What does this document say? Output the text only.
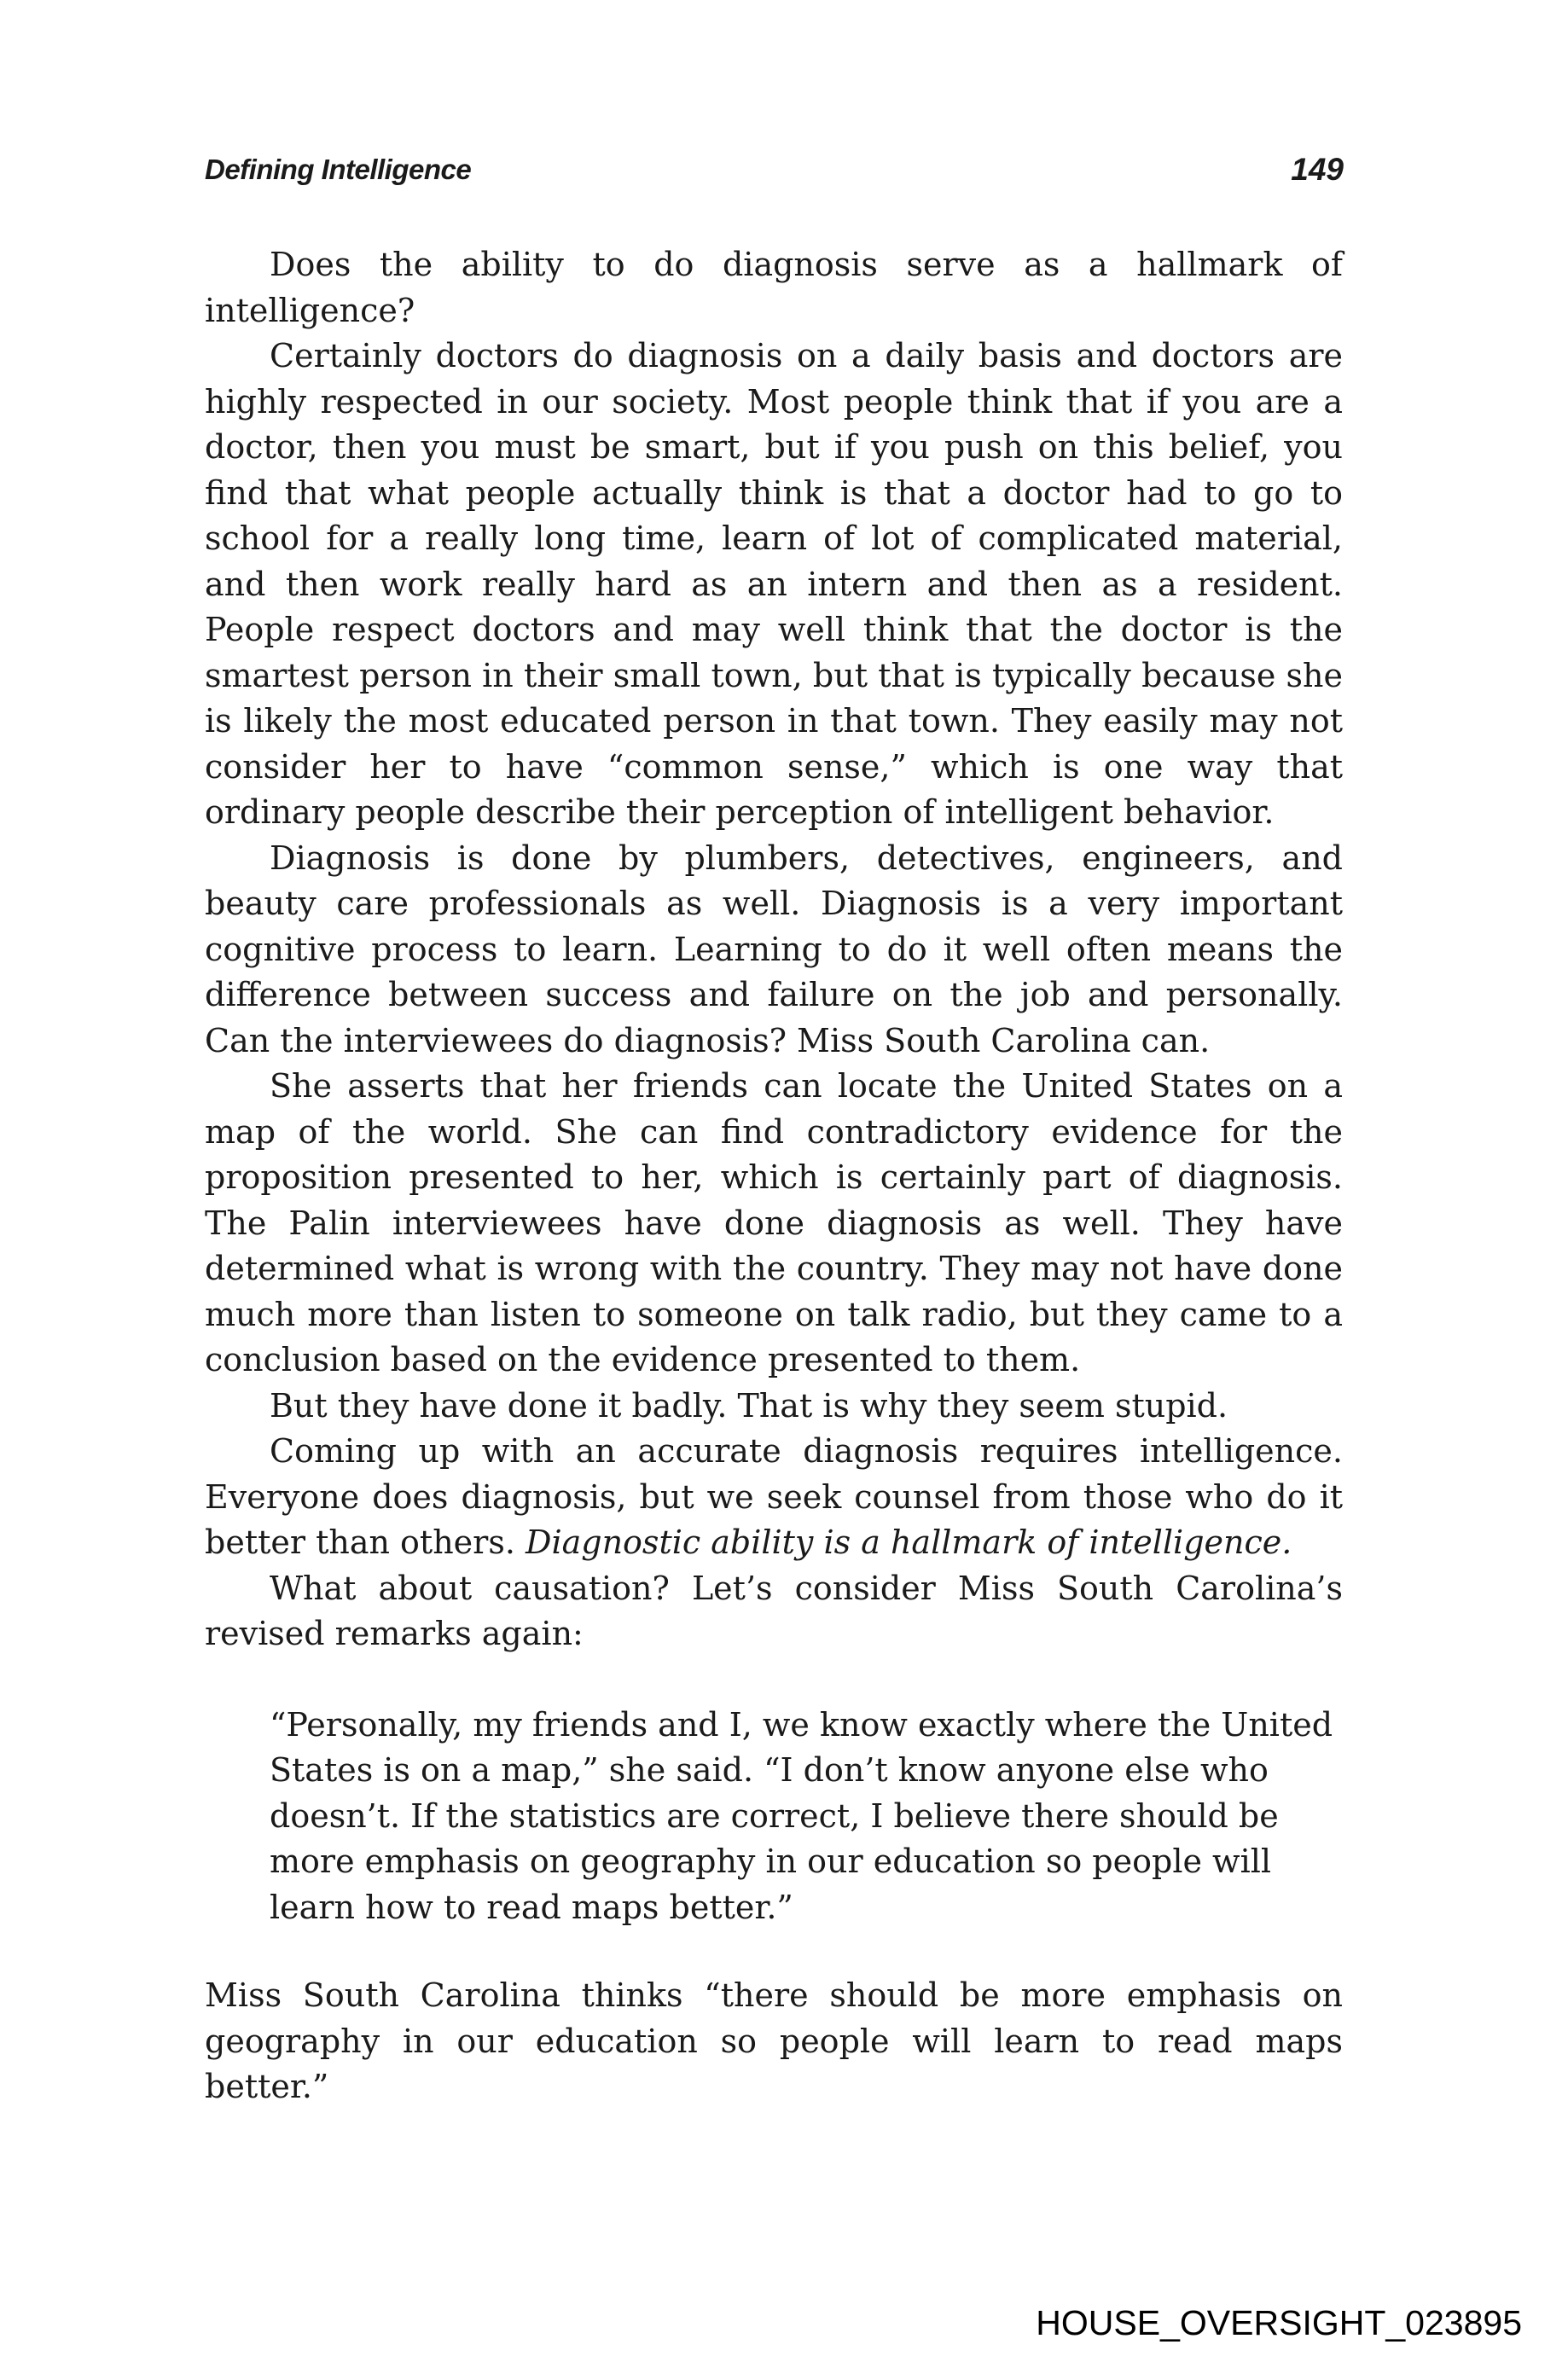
Defining Intelligence	149

Does the ability to do diagnosis serve as a hallmark of intelligence?

Certainly doctors do diagnosis on a daily basis and doctors are highly respected in our society. Most people think that if you are a doctor, then you must be smart, but if you push on this belief, you find that what people actually think is that a doctor had to go to school for a really long time, learn of lot of complicated material, and then work really hard as an intern and then as a resident. People respect doctors and may well think that the doctor is the smartest person in their small town, but that is typically because she is likely the most educated person in that town. They easily may not consider her to have “common sense,” which is one way that ordinary people describe their perception of intelligent behavior.

Diagnosis is done by plumbers, detectives, engineers, and beauty care professionals as well. Diagnosis is a very important cognitive process to learn. Learning to do it well often means the difference between success and failure on the job and personally. Can the interviewees do diagnosis? Miss South Carolina can.

She asserts that her friends can locate the United States on a map of the world. She can find contradictory evidence for the proposition presented to her, which is certainly part of diagnosis. The Palin interviewees have done diagnosis as well. They have determined what is wrong with the country. They may not have done much more than listen to someone on talk radio, but they came to a conclusion based on the evidence presented to them.

But they have done it badly. That is why they seem stupid.

Coming up with an accurate diagnosis requires intelligence. Everyone does diagnosis, but we seek counsel from those who do it better than others. Diagnostic ability is a hallmark of intelligence.

What about causation? Let’s consider Miss South Carolina’s revised remarks again:

“Personally, my friends and I, we know exactly where the United States is on a map,” she said. “I don’t know anyone else who doesn’t. If the statistics are correct, I believe there should be more emphasis on geography in our education so people will learn how to read maps better.”

Miss South Carolina thinks “there should be more emphasis on geography in our education so people will learn to read maps better.”

HOUSE_OVERSIGHT_023895
